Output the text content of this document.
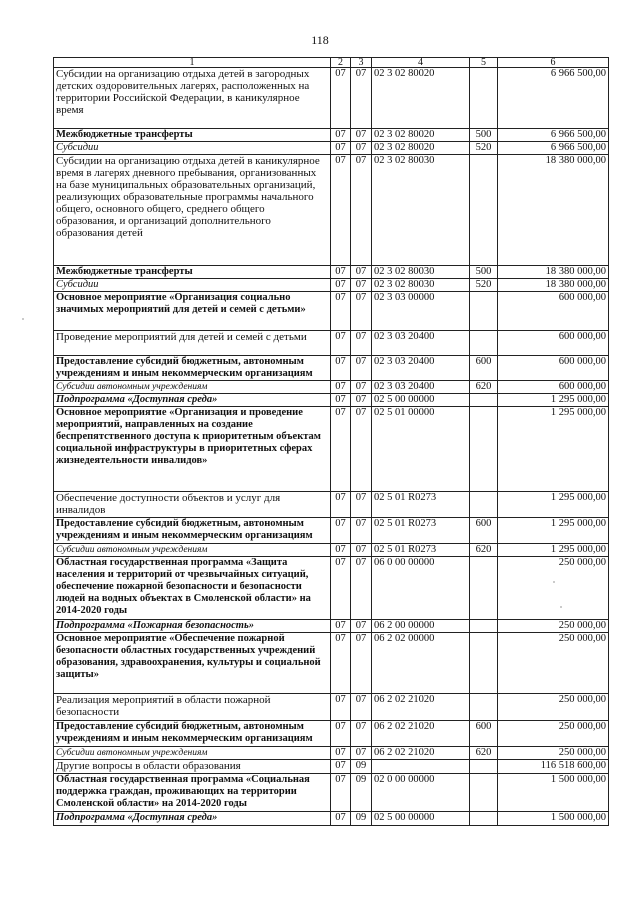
118
1	2	3	4	5	6
Субсидии на организацию отдыха детей в загородных детских оздоровительных лагерях, расположенных на территории Российской Федерации, в каникулярное время	07	07	02 3 02 80020		6 966 500,00
Межбюджетные трансферты	07	07	02 3 02 80020	500	6 966 500,00
Субсидии	07	07	02 3 02 80020	520	6 966 500,00
Субсидии на организацию отдыха детей в каникулярное время в лагерях дневного пребывания, организованных на базе муниципальных образовательных организаций, реализующих образовательные программы начального общего, основного общего, среднего общего образования, и организаций дополнительного образования детей	07	07	02 3 02 80030		18 380 000,00
Межбюджетные трансферты	07	07	02 3 02 80030	500	18 380 000,00
Субсидии	07	07	02 3 02 80030	520	18 380 000,00
Основное мероприятие «Организация социально значимых мероприятий для детей и семей с детьми»	07	07	02 3 03 00000		600 000,00
Проведение мероприятий для детей и семей с детьми	07	07	02 3 03 20400		600 000,00
Предоставление субсидий бюджетным, автономным учреждениям и иным некоммерческим организациям	07	07	02 3 03 20400	600	600 000,00
Субсидии автономным учреждениям	07	07	02 3 03 20400	620	600 000,00
Подпрограмма «Доступная среда»	07	07	02 5 00 00000		1 295 000,00
Основное мероприятие «Организация и проведение мероприятий, направленных на создание беспрепятственного доступа к приоритетным объектам социальной инфраструктуры в приоритетных сферах жизнедеятельности инвалидов»	07	07	02 5 01 00000		1 295 000,00
Обеспечение доступности объектов и услуг для инвалидов	07	07	02 5 01 R0273		1 295 000,00
Предоставление субсидий бюджетным, автономным учреждениям и иным некоммерческим организациям	07	07	02 5 01 R0273	600	1 295 000,00
Субсидии автономным учреждениям	07	07	02 5 01 R0273	620	1 295 000,00
Областная государственная программа «Защита населения и территорий от чрезвычайных ситуаций, обеспечение пожарной безопасности и безопасности людей на водных объектах в Смоленской области» на 2014-2020 годы	07	07	06 0 00 00000		250 000,00
Подпрограмма «Пожарная безопасность»	07	07	06 2 00 00000		250 000,00
Основное мероприятие «Обеспечение пожарной безопасности областных государственных учреждений образования, здравоохранения, культуры и социальной защиты»	07	07	06 2 02 00000		250 000,00
Реализация мероприятий в области пожарной безопасности	07	07	06 2 02 21020		250 000,00
Предоставление субсидий бюджетным, автономным учреждениям и иным некоммерческим организациям	07	07	06 2 02 21020	600	250 000,00
Субсидии автономным учреждениям	07	07	06 2 02 21020	620	250 000,00
Другие вопросы в области образования	07	09			116 518 600,00
Областная государственная программа «Социальная поддержка граждан, проживающих на территории Смоленской области» на 2014-2020 годы	07	09	02 0 00 00000		1 500 000,00
Подпрограмма «Доступная среда»	07	09	02 5 00 00000		1 500 000,00
